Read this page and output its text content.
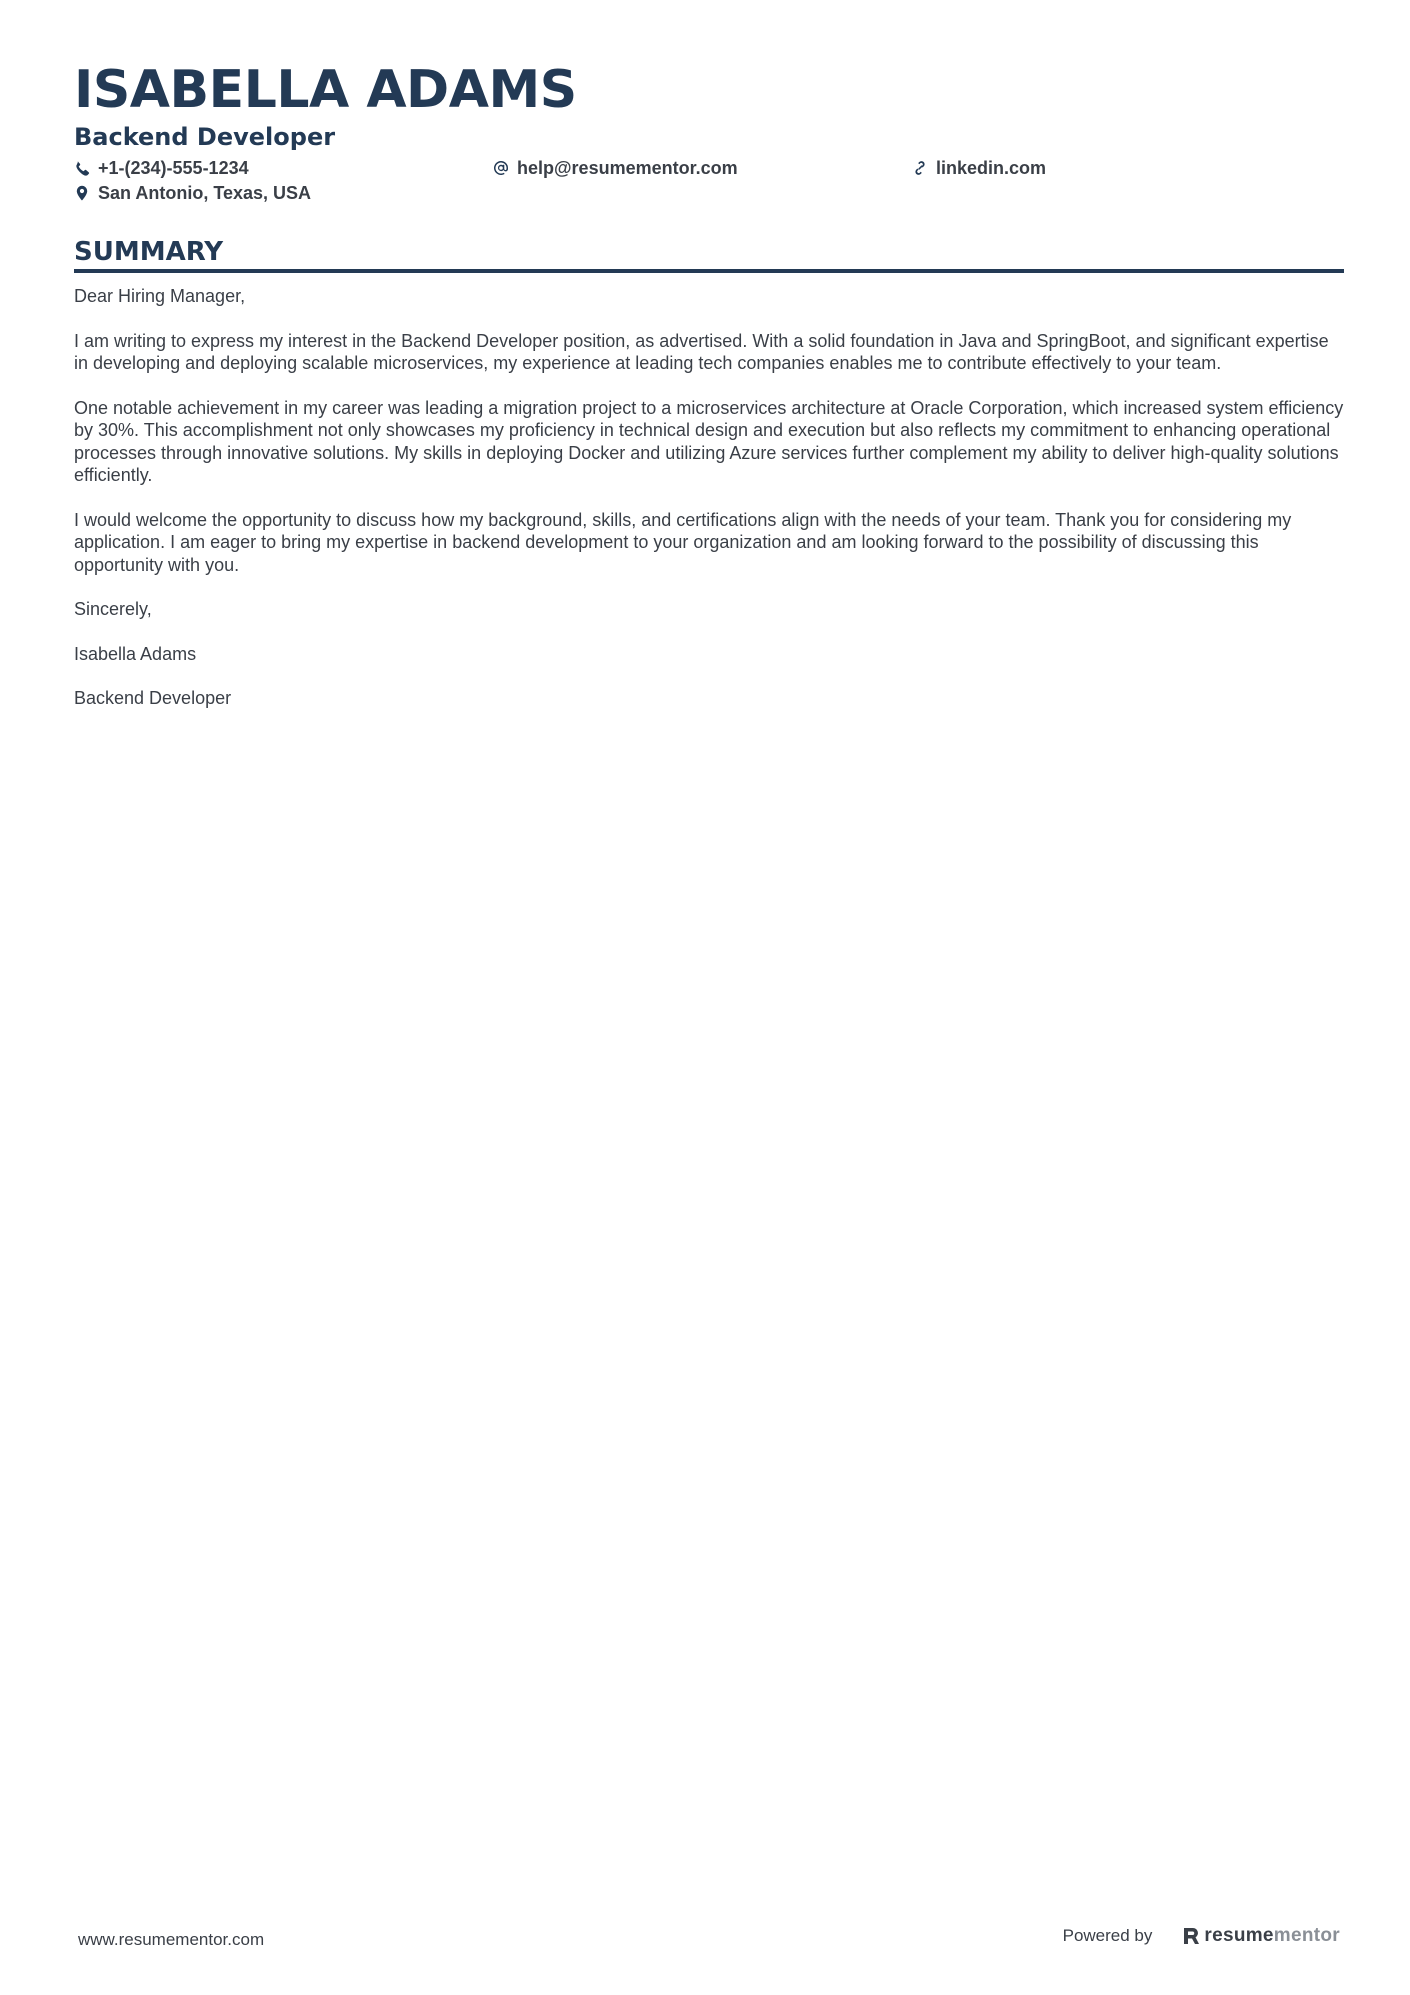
ISABELLA ADAMS
Backend Developer
+1-(234)-555-1234	help@resumementor.com	linkedin.com
San Antonio, Texas, USA
SUMMARY

Dear Hiring Manager,

I am writing to express my interest in the Backend Developer position, as advertised. With a solid foundation in Java and SpringBoot, and significant expertise in developing and deploying scalable microservices, my experience at leading tech companies enables me to contribute effectively to your team.

One notable achievement in my career was leading a migration project to a microservices architecture at Oracle Corporation, which increased system efficiency by 30%. This accomplishment not only showcases my proficiency in technical design and execution but also reflects my commitment to enhancing operational processes through innovative solutions. My skills in deploying Docker and utilizing Azure services further complement my ability to deliver high-quality solutions efficiently.

I would welcome the opportunity to discuss how my background, skills, and certifications align with the needs of your team. Thank you for considering my application. I am eager to bring my expertise in backend development to your organization and am looking forward to the possibility of discussing this opportunity with you.

Sincerely,

Isabella Adams

Backend Developer

www.resumementor.com	Powered by	resume mentor
